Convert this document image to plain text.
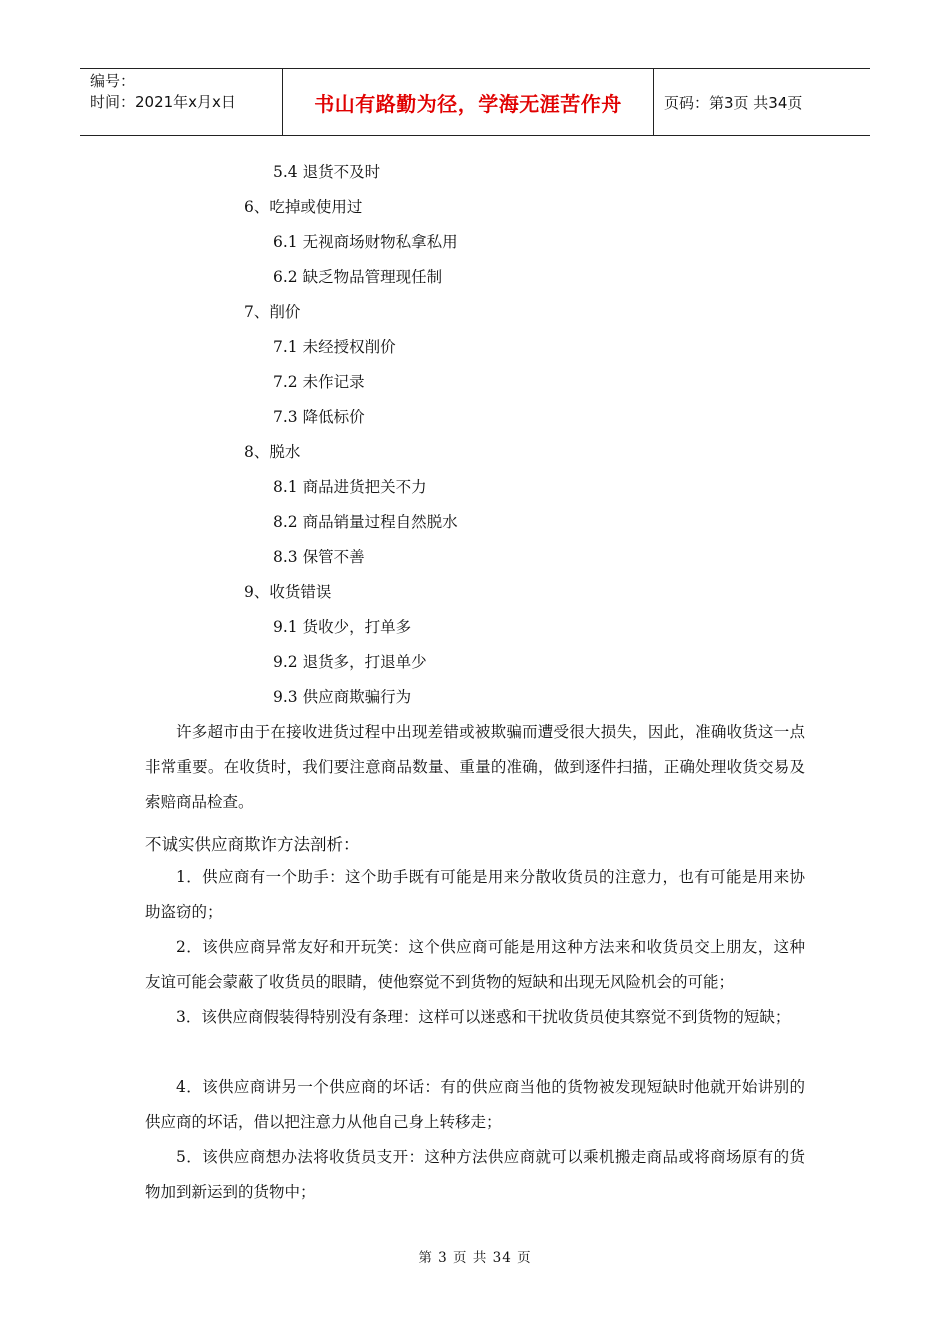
编号：
时间：2021年x月x日	书山有路勤为径，学海无涯苦作舟	页码：第3页 共34页
5.4 退货不及时
6、吃掉或使用过
6.1 无视商场财物私拿私用
6.2 缺乏物品管理现任制
7、削价
7.1 未经授权削价
7.2 未作记录
7.3 降低标价
8、脱水
8.1 商品进货把关不力
8.2 商品销量过程自然脱水
8.3 保管不善
9、收货错误
9.1 货收少，打单多
9.2 退货多，打退单少
9.3 供应商欺骗行为
许多超市由于在接收进货过程中出现差错或被欺骗而遭受很大损失，因此，准确收货这一点非常重要。在收货时，我们要注意商品数量、重量的准确，做到逐件扫描，正确处理收货交易及索赔商品检查。
不诚实供应商欺诈方法剖析：
1．供应商有一个助手：这个助手既有可能是用来分散收货员的注意力，也有可能是用来协助盗窃的；
2．该供应商异常友好和开玩笑：这个供应商可能是用这种方法来和收货员交上朋友，这种友谊可能会蒙蔽了收货员的眼睛，使他察觉不到货物的短缺和出现无风险机会的可能；
3．该供应商假装得特别没有条理：这样可以迷惑和干扰收货员使其察觉不到货物的短缺；
4．该供应商讲另一个供应商的坏话：有的供应商当他的货物被发现短缺时他就开始讲别的供应商的坏话，借以把注意力从他自己身上转移走；
5．该供应商想办法将收货员支开：这种方法供应商就可以乘机搬走商品或将商场原有的货物加到新运到的货物中；
第 3 页 共 34 页
